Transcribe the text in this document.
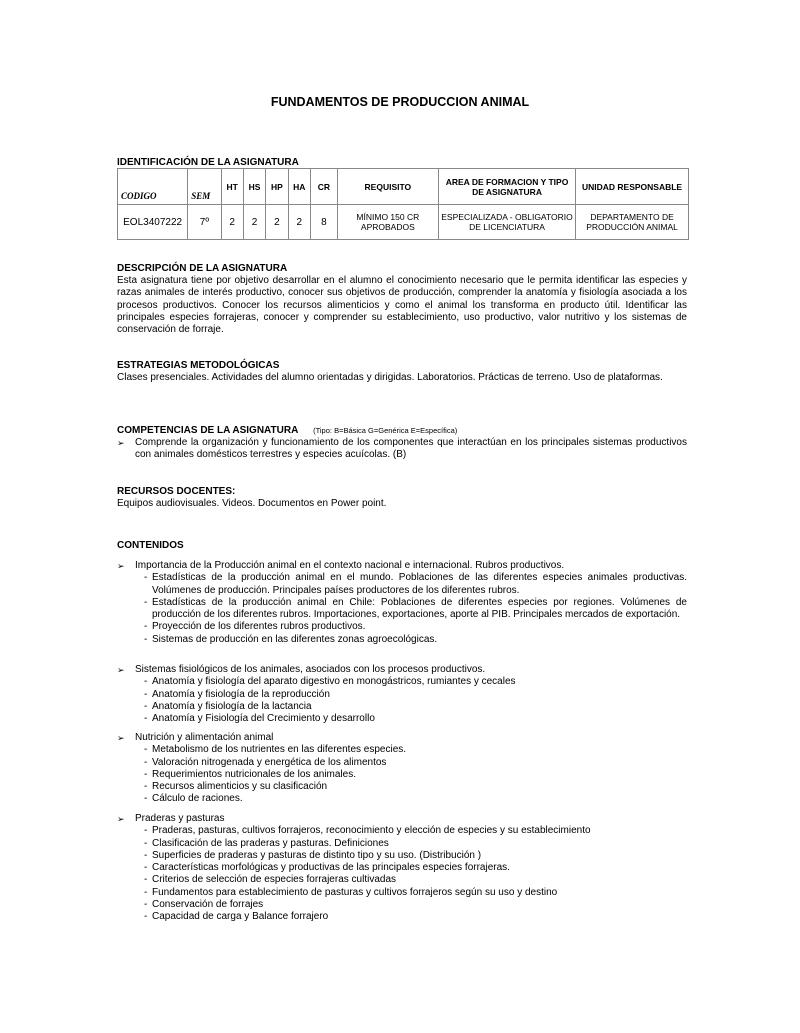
FUNDAMENTOS DE PRODUCCION ANIMAL

IDENTIFICACIÓN DE LA ASIGNATURA

CODIGO	SEM	HT	HS	HP	HA	CR	REQUISITO	AREA DE FORMACION Y TIPO DE ASIGNATURA	UNIDAD RESPONSABLE
EOL3407222	7º	2	2	2	2	8	MÍNIMO 150 CR APROBADOS	ESPECIALIZADA - OBLIGATORIO DE LICENCIATURA	DEPARTAMENTO DE PRODUCCIÓN ANIMAL

DESCRIPCIÓN DE LA ASIGNATURA

Esta asignatura tiene por objetivo desarrollar en el alumno el conocimiento necesario que le permita identificar las especies y razas animales de interés productivo, conocer sus objetivos de producción, comprender la anatomía y fisiología asociada a los procesos productivos. Conocer los recursos alimenticios y como el animal los transforma en producto útil. Identificar las principales especies forrajeras, conocer y comprender su establecimiento, uso productivo, valor nutritivo y los sistemas de conservación de forraje.

ESTRATEGIAS METODOLÓGICAS

Clases presenciales. Actividades del alumno orientadas y dirigidas. Laboratorios. Prácticas de terreno. Uso de plataformas.

COMPETENCIAS DE LA ASIGNATURA (Tipo: B=Básica G=Genérica E=Específica)
➢ Comprende la organización y funcionamiento de los componentes que interactúan en los principales sistemas productivos con animales domésticos terrestres y especies acuícolas. (B)

RECURSOS DOCENTES:

Equipos audiovisuales. Videos. Documentos en Power point.

CONTENIDOS

➢ Importancia de la Producción animal en el contexto nacional e internacional. Rubros productivos.
- Estadísticas de la producción animal en el mundo. Poblaciones de las diferentes especies animales productivas. Volúmenes de producción. Principales países productores de los diferentes rubros.
- Estadísticas de la producción animal en Chile: Poblaciones de diferentes especies por regiones. Volúmenes de producción de los diferentes rubros. Importaciones, exportaciones, aporte al PIB. Principales mercados de exportación.
- Proyección de los diferentes rubros productivos.
- Sistemas de producción en las diferentes zonas agroecológicas.
➢ Sistemas fisiológicos de los animales, asociados con los procesos productivos.
- Anatomía y fisiología del aparato digestivo en monogástricos, rumiantes y cecales
- Anatomía y fisiología de la reproducción
- Anatomía y fisiología de la lactancia
- Anatomía y Fisiología del Crecimiento y desarrollo
➢ Nutrición y alimentación animal
- Metabolismo de los nutrientes en las diferentes especies.
- Valoración nitrogenada y energética de los alimentos
- Requerimientos nutricionales de los animales.
- Recursos alimenticios y su clasificación
- Cálculo de raciones.
➢ Praderas y pasturas
- Praderas, pasturas, cultivos forrajeros, reconocimiento y elección de especies y su establecimiento
- Clasificación de las praderas y pasturas. Definiciones
- Superficies de praderas y pasturas de distinto tipo y su uso. (Distribución )
- Características morfológicas y productivas de las principales especies forrajeras.
- Criterios de selección de especies forrajeras cultivadas
- Fundamentos para establecimiento de pasturas y cultivos forrajeros según su uso y destino
- Conservación de forrajes
- Capacidad de carga y Balance forrajero
